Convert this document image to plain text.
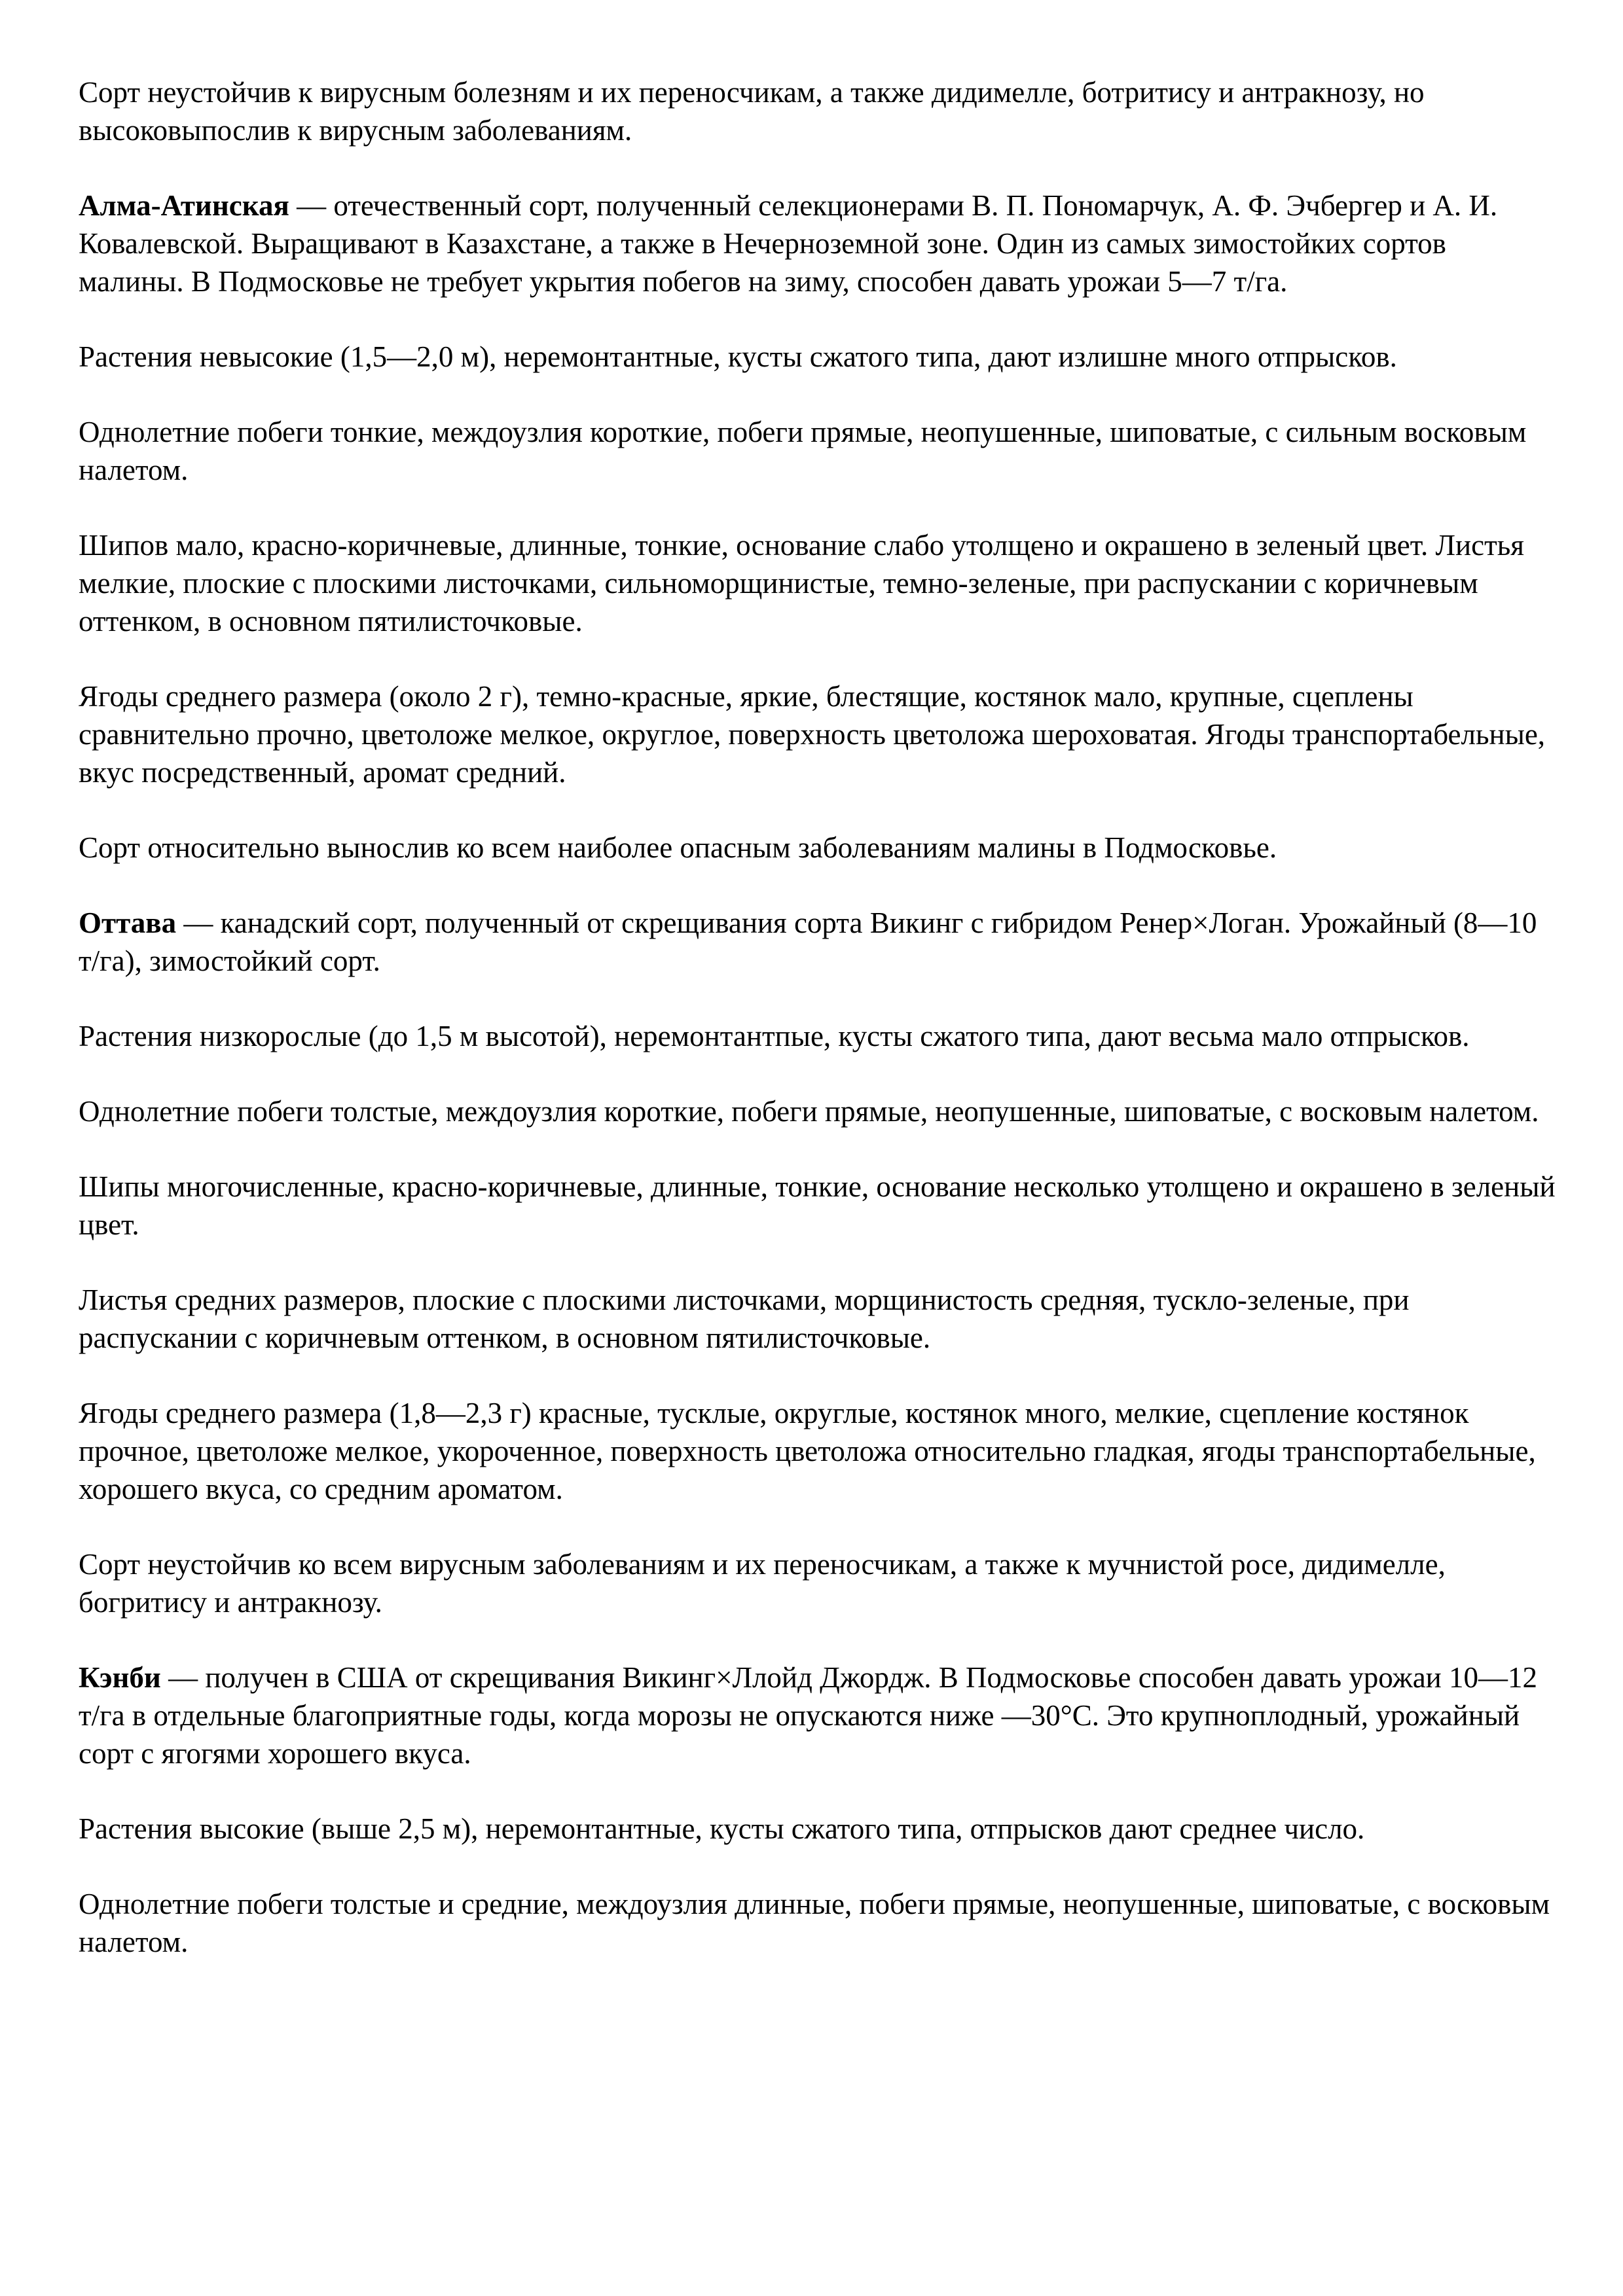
Сорт неустойчив к вирусным болезням и их переносчикам, а также дидимелле, ботритису и антракнозу, но высоковыпослив к вирусным заболеваниям.

Алма-Атинская — отечественный сорт, полученный селекционерами В. П. Пономарчук, А. Ф. Эчбергер и А. И. Ковалевской. Выращивают в Казахстане, а также в Нечерноземной зоне. Один из самых зимостойких сортов малины. В Подмосковье не требует укрытия побегов на зиму, способен давать урожаи 5—7 т/га.

Растения невысокие (1,5—2,0 м), неремонтантные, кусты сжатого типа, дают излишне много отпрысков.

Однолетние побеги тонкие, междоузлия короткие, побеги прямые, неопушенные, шиповатые, с сильным восковым налетом.

Шипов мало, красно-коричневые, длинные, тонкие, основание слабо утолщено и окрашено в зеленый цвет. Листья мелкие, плоские с плоскими листочками, сильноморщинистые, темно-зеленые, при распускании с коричневым оттенком, в основном пятилисточковые.

Ягоды среднего размера (около 2 г), темно-красные, яркие, блестящие, костянок мало, крупные, сцеплены сравнительно прочно, цветоложе мелкое, округлое, поверхность цветоложа шероховатая. Ягоды транспортабельные, вкус посредственный, аромат средний.

Сорт относительно вынослив ко всем наиболее опасным заболеваниям малины в Подмосковье.

Оттава — канадский сорт, полученный от скрещивания сорта Викинг с гибридом Ренер×Логан. Урожайный (8—10 т/га), зимостойкий сорт.

Растения низкорослые (до 1,5 м высотой), неремонтантпые, кусты сжатого типа, дают весьма мало отпрысков.

Однолетние побеги толстые, междоузлия короткие, побеги прямые, неопушенные, шиповатые, с восковым налетом.

Шипы многочисленные, красно-коричневые, длинные, тонкие, основание несколько утолщено и окрашено в зеленый цвет.

Листья средних размеров, плоские с плоскими листочками, морщинистость средняя, тускло-зеленые, при распускании с коричневым оттенком, в основном пятилисточковые.

Ягоды среднего размера (1,8—2,3 г) красные, тусклые, округлые, костянок много, мелкие, сцепление костянок прочное, цветоложе мелкое, укороченное, поверхность цветоложа относительно гладкая, ягоды транспортабельные, хорошего вкуса, со средним ароматом.

Сорт неустойчив ко всем вирусным заболеваниям и их переносчикам, а также к мучнистой росе, дидимелле, богритису и антракнозу.

Кэнби — получен в США от скрещивания Викинг×Ллойд Джордж. В Подмосковье способен давать урожаи 10—12 т/га в отдельные благоприятные годы, когда морозы не опускаются ниже —30°С. Это крупноплодный, урожайный сорт с ягогями хорошего вкуса.

Растения высокие (выше 2,5 м), неремонтантные, кусты сжатого типа, отпрысков дают среднее число.

Однолетние побеги толстые и средние, междоузлия длинные, побеги прямые, неопушенные, шиповатые, с восковым налетом.
